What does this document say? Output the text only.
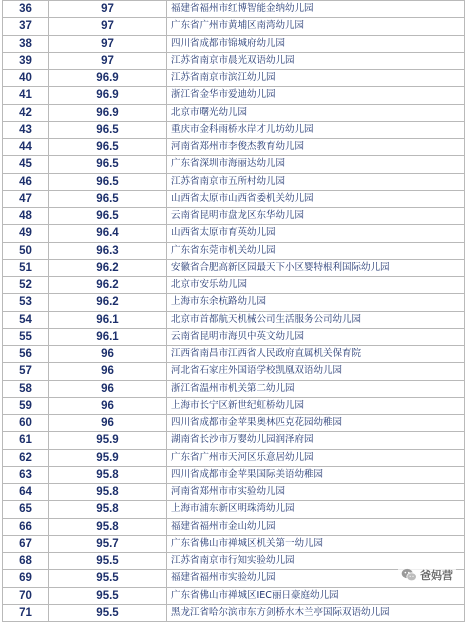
36	97	福建省福州市红博智能金纳幼儿园
37	97	广东省广州市黄埔区南湾幼儿园
38	97	四川省成都市锦城府幼儿园
39	97	江苏省南京市晨光双语幼儿园
40	96.9	江苏省南京市滨江幼儿园
41	96.9	浙江省金华市爱迪幼儿园
42	96.9	北京市曙光幼儿园
43	96.5	重庆市金科雨桥水岸才儿坊幼儿园
44	96.5	河南省郑州市李俊杰教育幼儿园
45	96.5	广东省深圳市海丽达幼儿园
46	96.5	江苏省南京市五所村幼儿园
47	96.5	山西省太原市山西省委机关幼儿园
48	96.5	云南省昆明市盘龙区东华幼儿园
49	96.4	山西省太原市育英幼儿园
50	96.3	广东省东莞市机关幼儿园
51	96.2	安徽省合肥高新区园最天下小区婴特根利国际幼儿园
52	96.2	北京市安乐幼儿园
53	96.2	上海市东余杭路幼儿园
54	96.1	北京市首都航天机械公司生活服务公司幼儿园
55	96.1	云南省昆明市海贝中英文幼儿园
56	96	江西省南昌市江西省人民政府直属机关保育院
57	96	河北省石家庄外国语学校凯凰双语幼儿园
58	96	浙江省温州市机关第二幼儿园
59	96	上海市长宁区新世纪虹桥幼儿园
60	96	四川省成都市金苹果奥林匹克花园幼稚园
61	95.9	湖南省长沙市万婴幼儿园润泽府园
62	95.9	广东省广州市天河区乐意居幼儿园
63	95.8	四川省成都市金苹果国际美语幼稚园
64	95.8	河南省郑州市市实验幼儿园
65	95.8	上海市浦东新区明珠湾幼儿园
66	95.8	福建省福州市金山幼儿园
67	95.7	广东省佛山市禅城区机关第一幼儿园
68	95.5	江苏省南京市行知实验幼儿园
69	95.5	福建省福州市实验幼儿园
70	95.5	广东省佛山市禅城区IEC丽日豪庭幼儿园
71	95.5	黑龙江省哈尔滨市东方剑桥水木兰亭国际双语幼儿园
爸妈营
